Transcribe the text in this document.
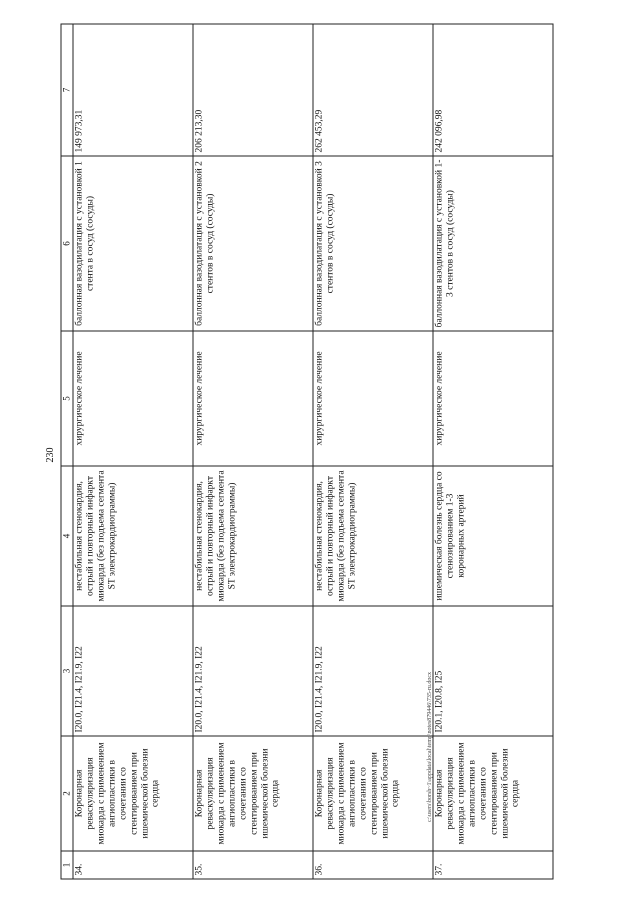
230
1	2	3	4	5	6	7
34.	Коронарная реваскуляризация миокарда с применением ангиопластики в сочетании со стентированием при ишемической болезни сердца	I20.0, I21.4, I21.9, I22	нестабильная стенокардия, острый и повторный инфаркт миокарда (без подъема сегмента ST электрокардиограммы)	хирургическое лечение	баллонная вазодилатация с установкой 1 стента в сосуд (сосуды)	149 973,31
35.	Коронарная реваскуляризация миокарда с применением ангиопластики в сочетании со стентированием при ишемической болезни сердца	I20.0, I21.4, I21.9, I22	нестабильная стенокардия, острый и повторный инфаркт миокарда (без подъема сегмента ST электрокардиограммы)	хирургическое лечение	баллонная вазодилатация с установкой 2 стентов в сосуд (сосуды)	206 213,30
36.	Коронарная реваскуляризация миокарда с применением ангиопластики в сочетании со стентированием при ишемической болезни сердца	I20.0, I21.4, I21.9, I22	нестабильная стенокардия, острый и повторный инфаркт миокарда (без подъема сегмента ST электрокардиограммы)	хирургическое лечение	баллонная вазодилатация с установкой 3 стентов в сосуд (сосуды)	262 453,29
37.	Коронарная реваскуляризация миокарда с применением ангиопластики в сочетании со стентированием при ишемической болезни сердца	I20.1, I20.8, I25	ишемическая болезнь сердца со стенозированием 1-3 коронарных артерий	хирургическое лечение	баллонная вазодилатация с установкой 1-3 стентов в сосуд (сосуды)	242 096,98
c:\users\borsh~1\appdata\local\temp\notes879446\735-ru.docx
